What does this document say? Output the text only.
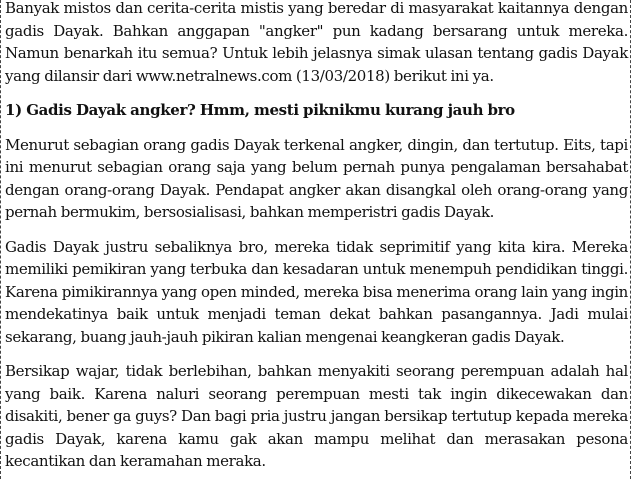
Banyak mistos dan cerita-cerita mistis yang beredar di masyarakat kaitannya dengan gadis Dayak. Bahkan anggapan "angker" pun kadang bersarang untuk mereka. Namun benarkah itu semua? Untuk lebih jelasnya simak ulasan tentang gadis Dayak yang dilansir dari www.netralnews.com (13/03/2018) berikut ini ya.

1) Gadis Dayak angker? Hmm, mesti piknikmu kurang jauh bro

Menurut sebagian orang gadis Dayak terkenal angker, dingin, dan tertutup. Eits, tapi ini menurut sebagian orang saja yang belum pernah punya pengalaman bersahabat dengan orang-orang Dayak. Pendapat angker akan disangkal oleh orang-orang yang pernah bermukim, bersosialisasi, bahkan memperistri gadis Dayak.

Gadis Dayak justru sebaliknya bro, mereka tidak seprimitif yang kita kira. Mereka memiliki pemikiran yang terbuka dan kesadaran untuk menempuh pendidikan tinggi. Karena pimikirannya yang open minded, mereka bisa menerima orang lain yang ingin mendekatinya baik untuk menjadi teman dekat bahkan pasangannya. Jadi mulai sekarang, buang jauh-jauh pikiran kalian mengenai keangkeran gadis Dayak.

Bersikap wajar, tidak berlebihan, bahkan menyakiti seorang perempuan adalah hal yang baik. Karena naluri seorang perempuan mesti tak ingin dikecewakan dan disakiti, bener ga guys? Dan bagi pria justru jangan bersikap tertutup kepada mereka gadis Dayak, karena kamu gak akan mampu melihat dan merasakan pesona kecantikan dan keramahan meraka.
